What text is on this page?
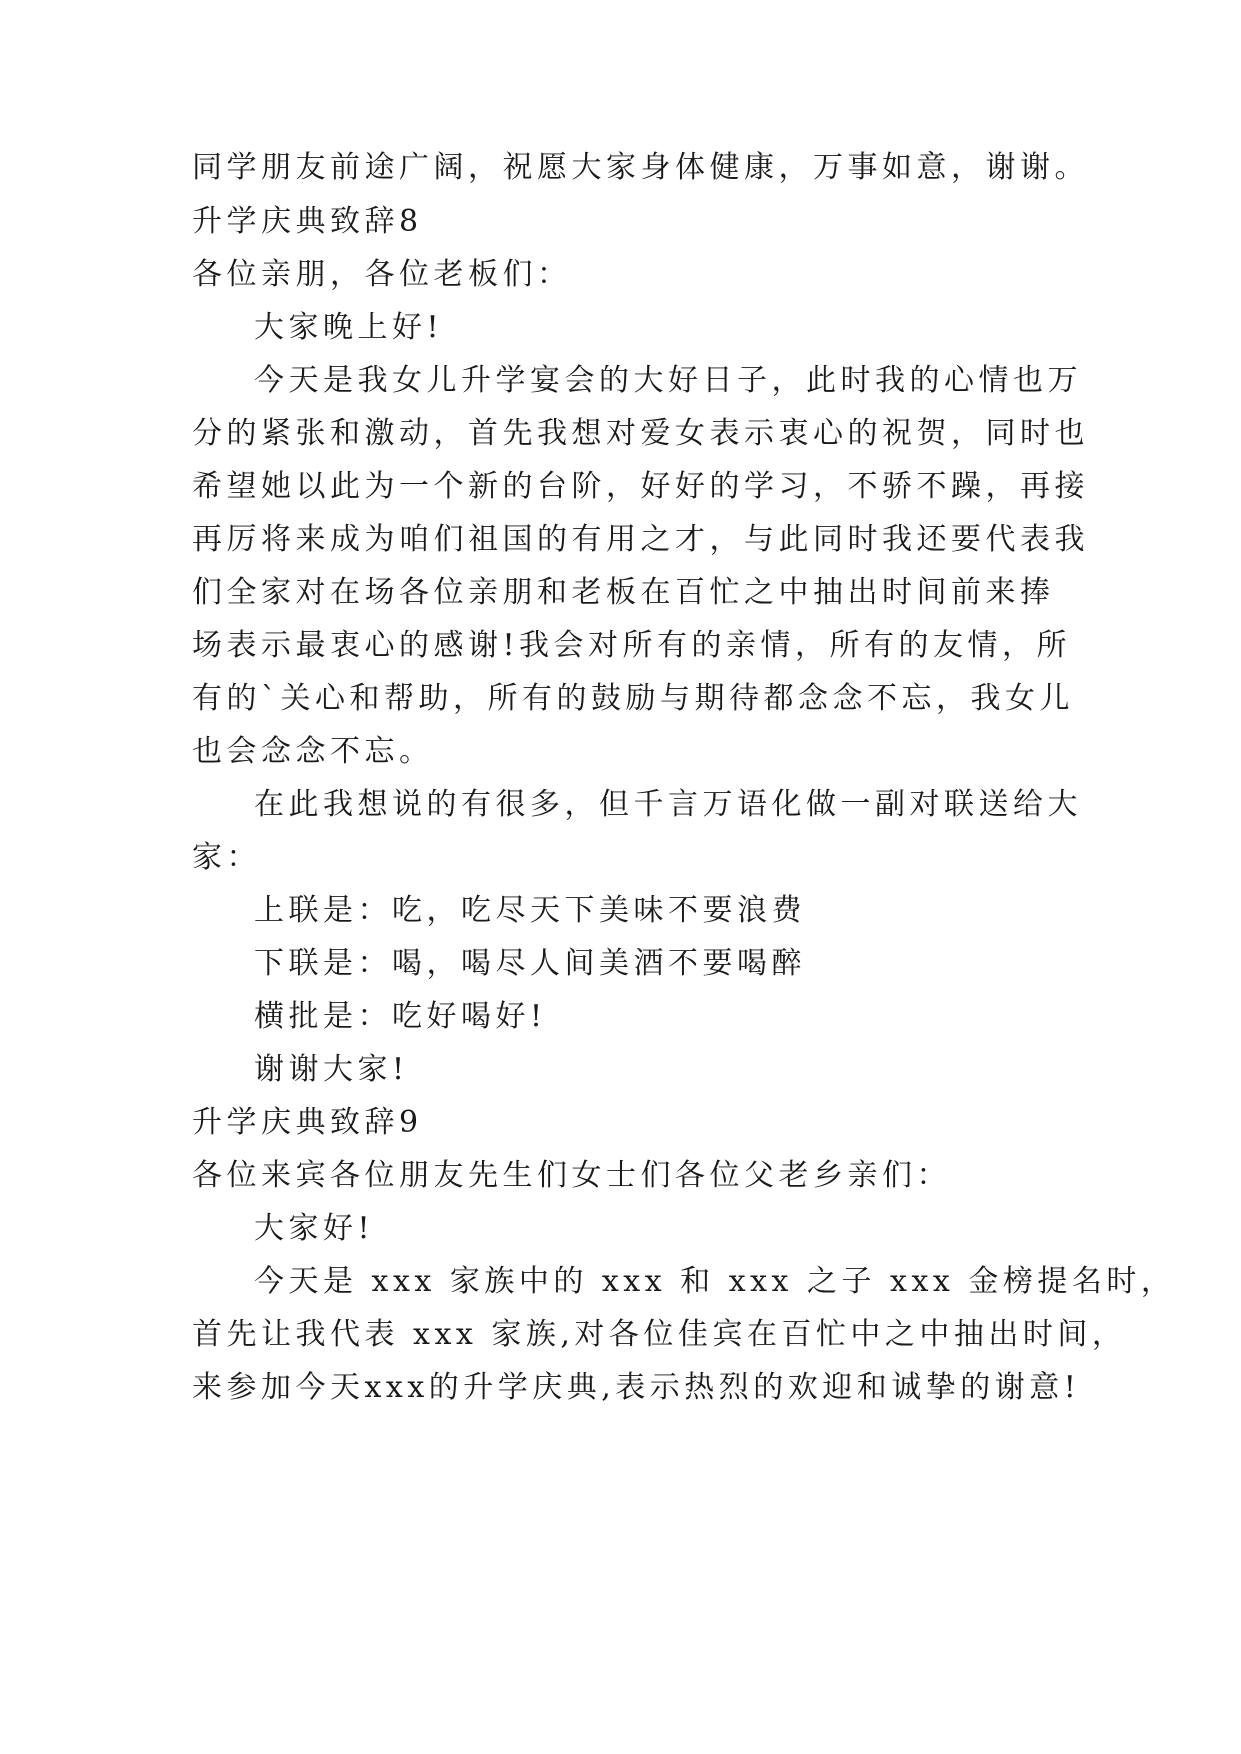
同学朋友前途广阔，祝愿大家身体健康，万事如意，谢谢。
升学庆典致辞8
各位亲朋，各位老板们：
大家晚上好!
今天是我女儿升学宴会的大好日子，此时我的心情也万
分的紧张和激动，首先我想对爱女表示衷心的祝贺，同时也
希望她以此为一个新的台阶，好好的学习，不骄不躁，再接
再厉将来成为咱们祖国的有用之才，与此同时我还要代表我
们全家对在场各位亲朋和老板在百忙之中抽出时间前来捧
场表示最衷心的感谢!我会对所有的亲情，所有的友情，所
有的`关心和帮助，所有的鼓励与期待都念念不忘，我女儿
也会念念不忘。
在此我想说的有很多，但千言万语化做一副对联送给大
家：
上联是：吃，吃尽天下美味不要浪费
下联是：喝，喝尽人间美酒不要喝醉
横批是：吃好喝好!
谢谢大家!
升学庆典致辞9
各位来宾各位朋友先生们女士们各位父老乡亲们：
大家好!
今天是 xxx 家族中的 xxx 和 xxx 之子 xxx 金榜提名时，
首先让我代表 xxx 家族,对各位佳宾在百忙中之中抽出时间，
来参加今天xxx的升学庆典,表示热烈的欢迎和诚挚的谢意!
